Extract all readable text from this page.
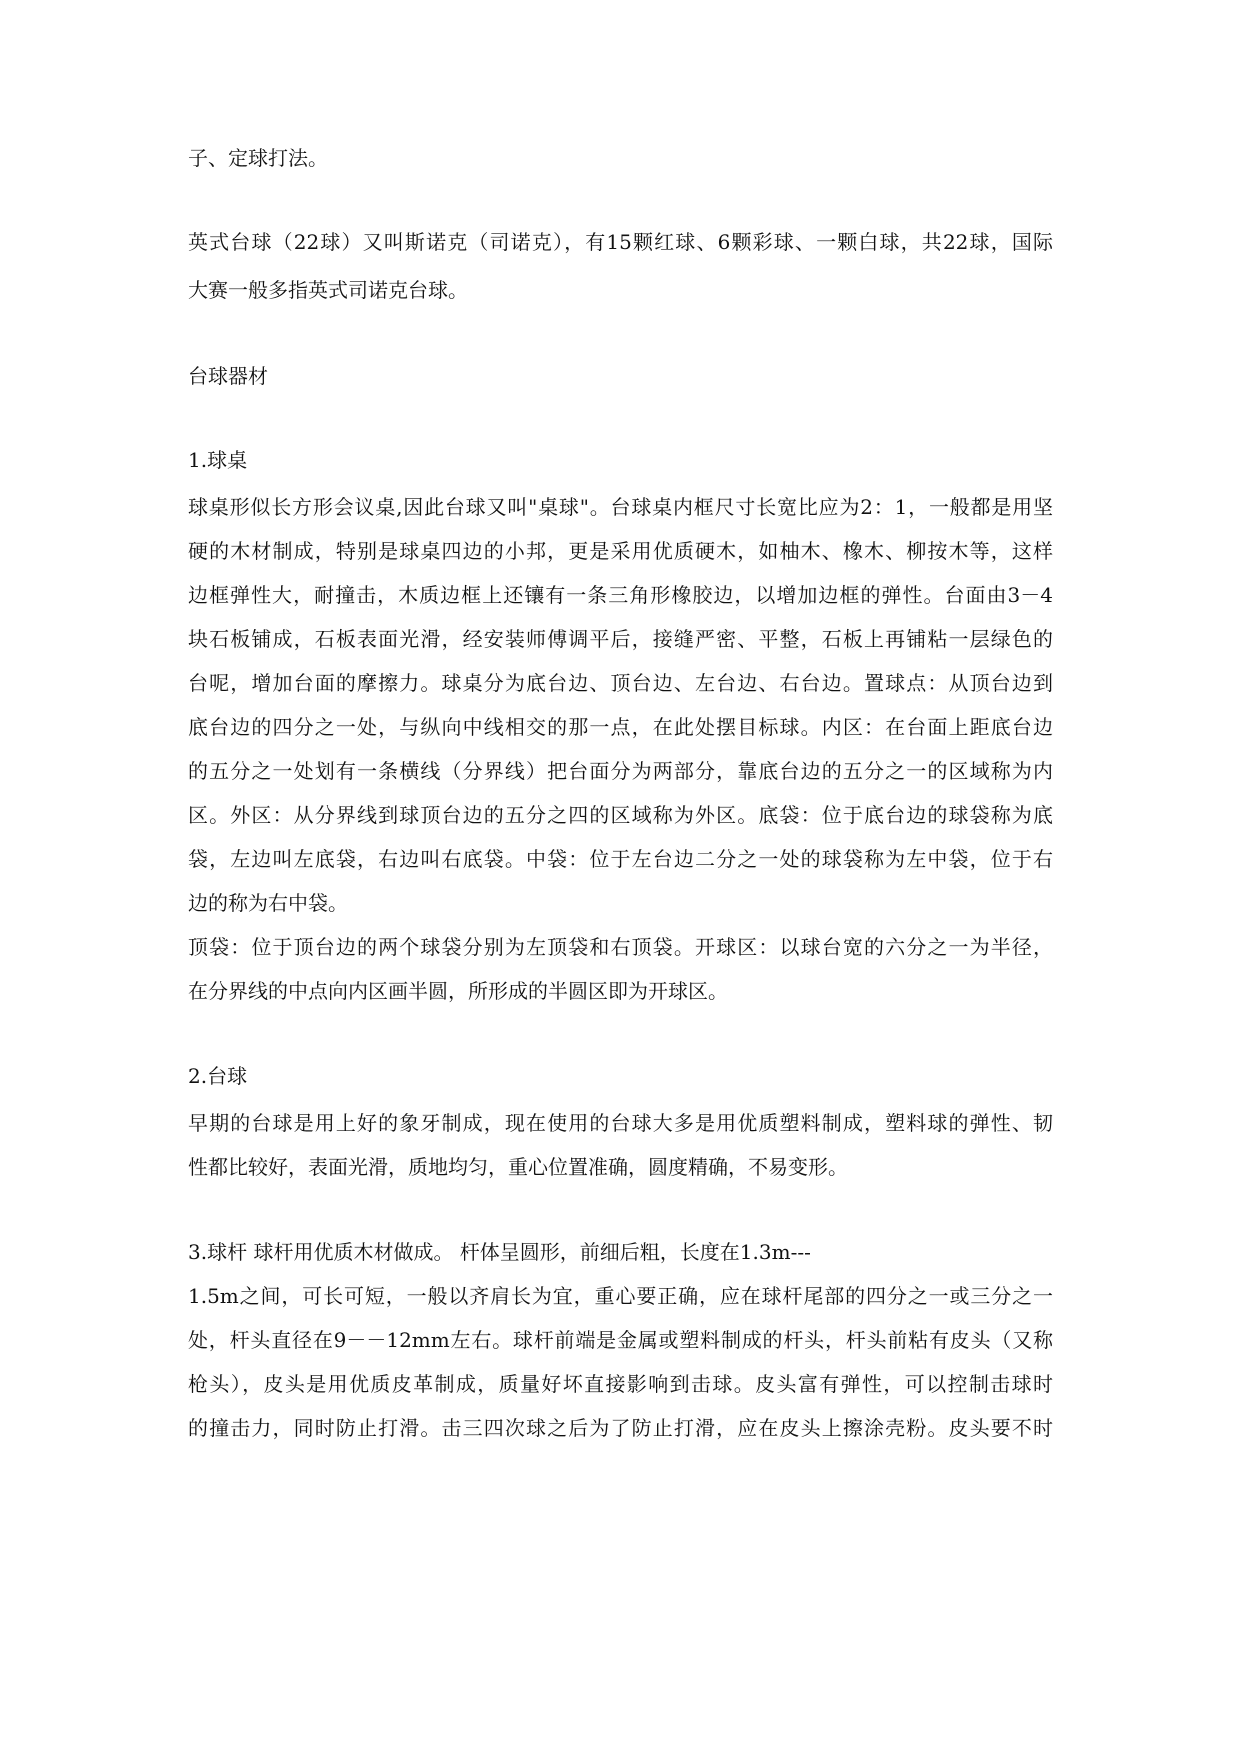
子、定球打法。
英式台球（22球）又叫斯诺克（司诺克），有15颗红球、6颗彩球、一颗白球，共22球，国际
大赛一般多指英式司诺克台球。
台球器材
1.球桌
球桌形似长方形会议桌,因此台球又叫"桌球"。台球桌内框尺寸长宽比应为2：1，一般都是用坚
硬的木材制成，特别是球桌四边的小邦，更是采用优质硬木，如柚木、橡木、柳按木等，这样
边框弹性大，耐撞击，木质边框上还镶有一条三角形橡胶边，以增加边框的弹性。台面由3－4
块石板铺成，石板表面光滑，经安装师傅调平后，接缝严密、平整，石板上再铺粘一层绿色的
台呢，增加台面的摩擦力。球桌分为底台边、顶台边、左台边、右台边。置球点：从顶台边到
底台边的四分之一处，与纵向中线相交的那一点，在此处摆目标球。内区：在台面上距底台边
的五分之一处划有一条横线（分界线）把台面分为两部分，靠底台边的五分之一的区域称为内
区。外区：从分界线到球顶台边的五分之四的区域称为外区。底袋：位于底台边的球袋称为底
袋，左边叫左底袋，右边叫右底袋。中袋：位于左台边二分之一处的球袋称为左中袋，位于右
边的称为右中袋。
顶袋：位于顶台边的两个球袋分别为左顶袋和右顶袋。开球区：以球台宽的六分之一为半径，
在分界线的中点向内区画半圆，所形成的半圆区即为开球区。
2.台球
早期的台球是用上好的象牙制成，现在使用的台球大多是用优质塑料制成，塑料球的弹性、韧
性都比较好，表面光滑，质地均匀，重心位置准确，圆度精确，不易变形。
3.球杆 球杆用优质木材做成。 杆体呈圆形，前细后粗，长度在1.3m---
1.5m之间，可长可短，一般以齐肩长为宜，重心要正确，应在球杆尾部的四分之一或三分之一
处，杆头直径在9－－12mm左右。球杆前端是金属或塑料制成的杆头，杆头前粘有皮头（又称
枪头），皮头是用优质皮革制成，质量好坏直接影响到击球。皮头富有弹性，可以控制击球时
的撞击力，同时防止打滑。击三四次球之后为了防止打滑，应在皮头上擦涂壳粉。皮头要不时
